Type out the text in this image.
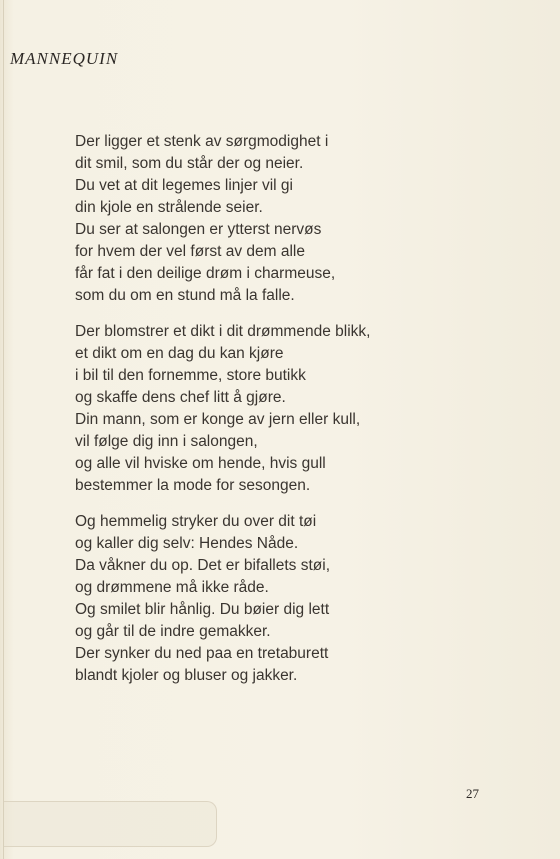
MANNEQUIN
Der ligger et stenk av sørgmodighet i
dit smil, som du står der og neier.
Du vet at dit legemes linjer vil gi
din kjole en strålende seier.
Du ser at salongen er ytterst nervøs
for hvem der vel først av dem alle
får fat i den deilige drøm i charmeuse,
som du om en stund må la falle.
Der blomstrer et dikt i dit drømmende blikk,
et dikt om en dag du kan kjøre
i bil til den fornemme, store butikk
og skaffe dens chef litt å gjøre.
Din mann, som er konge av jern eller kull,
vil følge dig inn i salongen,
og alle vil hviske om hende, hvis gull
bestemmer la mode for sesongen.
Og hemmelig stryker du over dit tøi
og kaller dig selv: Hendes Nåde.
Da våkner du op. Det er bifallets støi,
og drømmene må ikke råde.
Og smilet blir hånlig. Du bøier dig lett
og går til de indre gemakker.
Der synker du ned paa en tretaburett
blandt kjoler og bluser og jakker.
27
